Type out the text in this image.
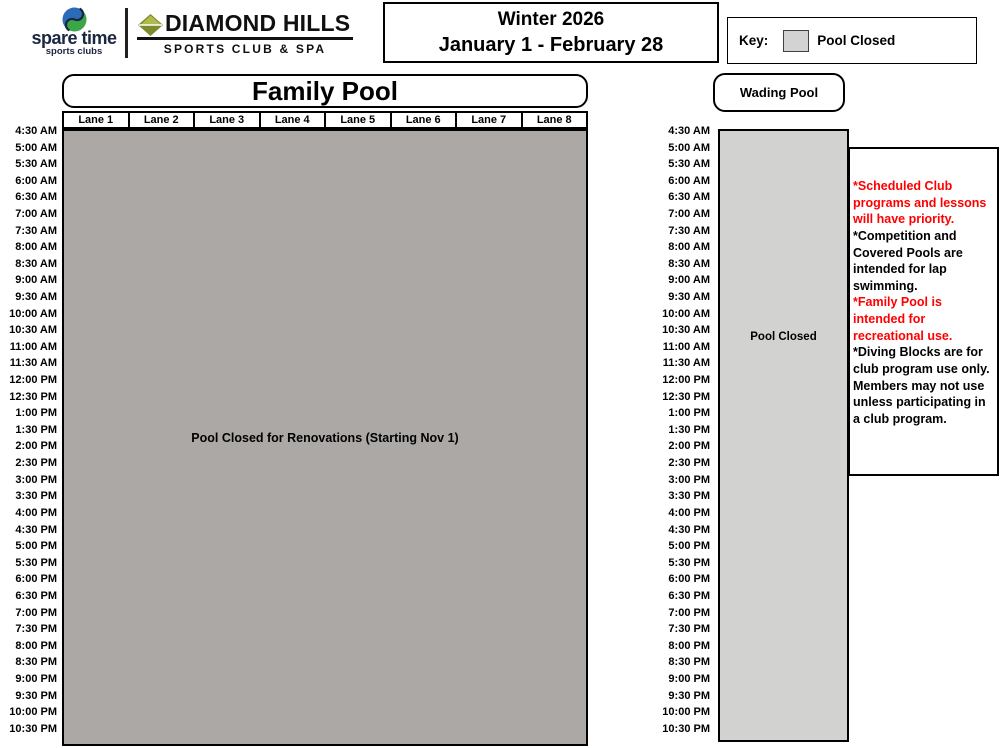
spare time
sports clubs
DIAMOND HILLS
SPORTS CLUB & SPA
Winter 2026
January 1 - February 28	Key:	Pool Closed
Family Pool
Lane 1	Lane 2	Lane 3	Lane 4	Lane 5	Lane 6	Lane 7	Lane 8
4:30 AM
5:00 AM
5:30 AM
6:00 AM
6:30 AM
7:00 AM
7:30 AM
8:00 AM
8:30 AM
9:00 AM
9:30 AM
10:00 AM
10:30 AM
11:00 AM
11:30 AM
12:00 PM
12:30 PM
1:00 PM
1:30 PM
2:00 PM
2:30 PM
3:00 PM
3:30 PM
4:00 PM
4:30 PM
5:00 PM
5:30 PM
6:00 PM
6:30 PM
7:00 PM
7:30 PM
8:00 PM
8:30 PM
9:00 PM
9:30 PM
10:00 PM
10:30 PM
Pool Closed for Renovations (Starting Nov 1)
Wading Pool
4:30 AM
5:00 AM
5:30 AM
6:00 AM
6:30 AM
7:00 AM
7:30 AM
8:00 AM
8:30 AM
9:00 AM
9:30 AM
10:00 AM
10:30 AM
11:00 AM
11:30 AM
12:00 PM
12:30 PM
1:00 PM
1:30 PM
2:00 PM
2:30 PM
3:00 PM
3:30 PM
4:00 PM
4:30 PM
5:00 PM
5:30 PM
6:00 PM
6:30 PM
7:00 PM
7:30 PM
8:00 PM
8:30 PM
9:00 PM
9:30 PM
10:00 PM
10:30 PM
Pool Closed

*Scheduled Club programs and lessons will have priority.

*Competition and Covered Pools are intended for lap swimming.

*Family Pool is intended for recreational use.

*Diving Blocks are for club program use only. Members may not use unless participating in a club program.
